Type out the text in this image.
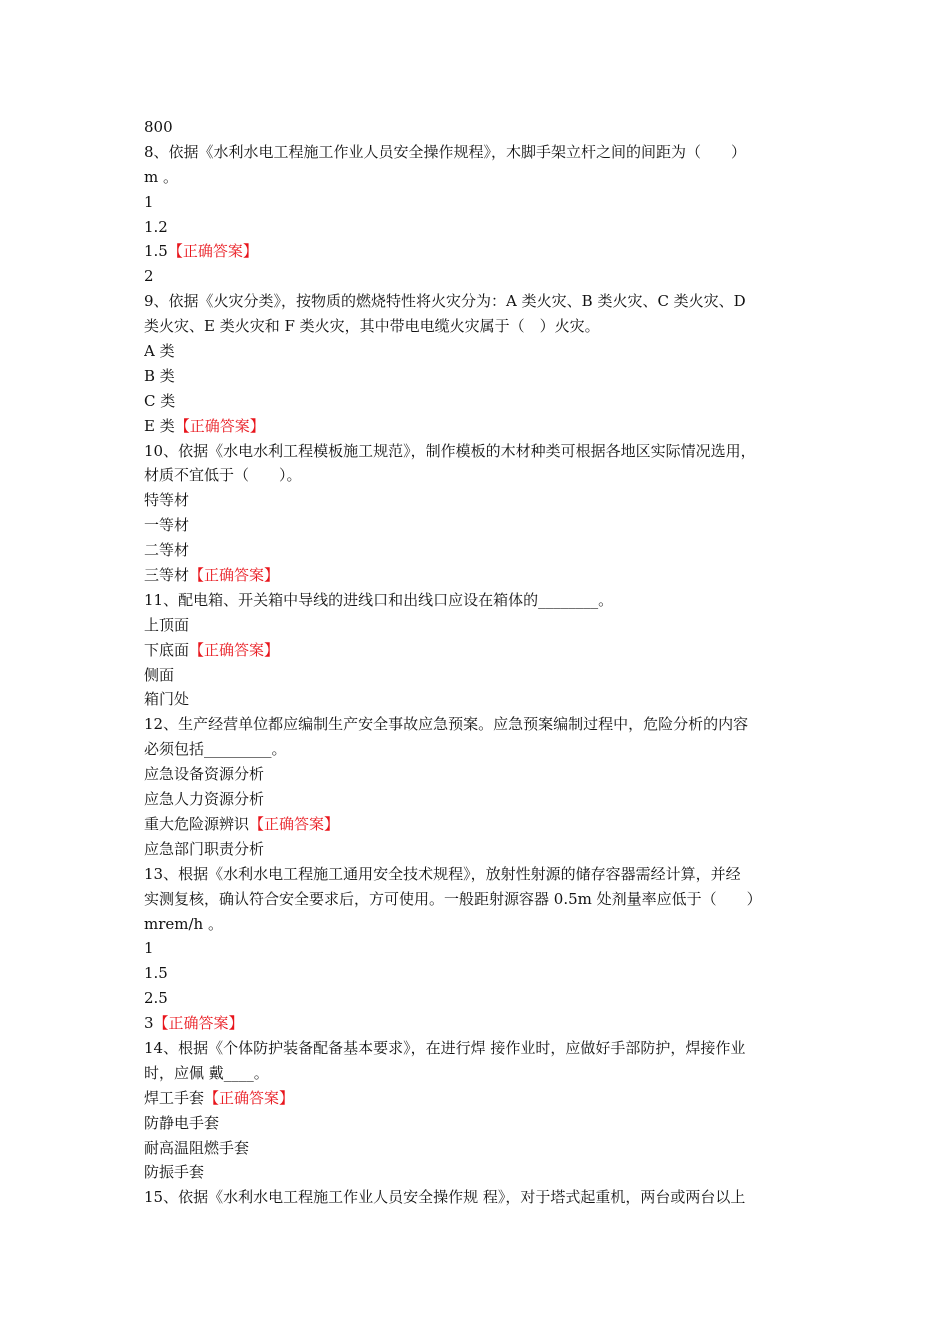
800
8、依据《水利水电工程施工作业人员安全操作规程》，木脚手架立杆之间的间距为（　　）
m 。
1
1.2
1.5【正确答案】
2
9、依据《火灾分类》，按物质的燃烧特性将火灾分为：A 类火灾、B 类火灾、C 类火灾、D
类火灾、E 类火灾和 F 类火灾，其中带电电缆火灾属于（　）火灾。
A 类
B 类
C 类
E 类【正确答案】
10、依据《水电水利工程模板施工规范》，制作模板的木材种类可根据各地区实际情况选用，
材质不宜低于（　　）。
特等材
一等材
二等材
三等材【正确答案】
11、配电箱、开关箱中导线的进线口和出线口应设在箱体的________。
上顶面
下底面【正确答案】
侧面
箱门处
12、生产经营单位都应编制生产安全事故应急预案。应急预案编制过程中，危险分析的内容
必须包括_________。
应急设备资源分析
应急人力资源分析
重大危险源辨识【正确答案】
应急部门职责分析
13、根据《水利水电工程施工通用安全技术规程》，放射性射源的储存容器需经计算，并经
实测复核，确认符合安全要求后，方可使用。一般距射源容器 0.5m 处剂量率应低于（　　）
mrem/h 。
1
1.5
2.5
3【正确答案】
14、根据《个体防护装备配备基本要求》，在进行焊 接作业时，应做好手部防护，焊接作业
时，应佩 戴____。
焊工手套【正确答案】
防静电手套
耐高温阻燃手套
防振手套
15、依据《水利水电工程施工作业人员安全操作规 程》，对于塔式起重机，两台或两台以上
